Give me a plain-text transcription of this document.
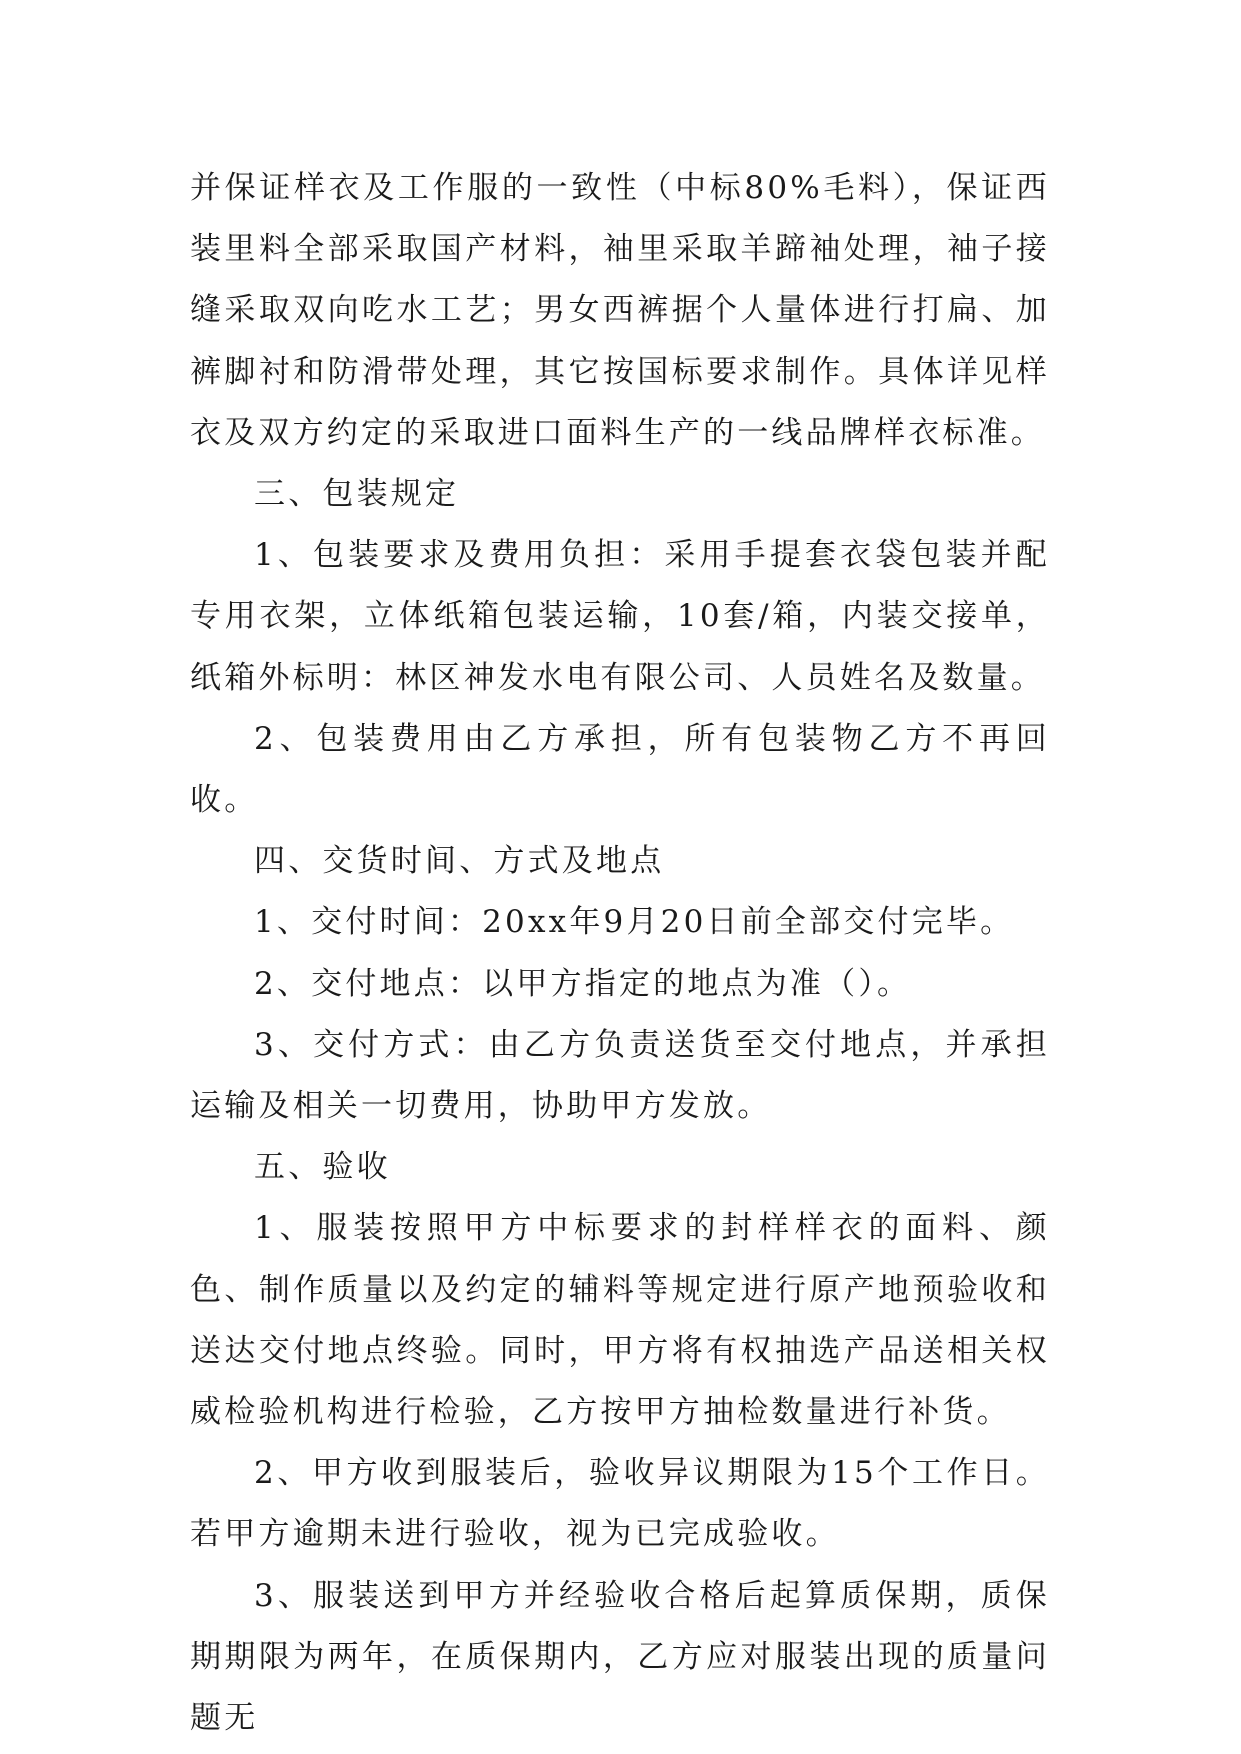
并保证样衣及工作服的一致性（中标80%毛料），保证西装里料全部采取国产材料，袖里采取羊蹄袖处理，袖子接缝采取双向吃水工艺；男女西裤据个人量体进行打扁、加裤脚衬和防滑带处理，其它按国标要求制作。具体详见样衣及双方约定的采取进口面料生产的一线品牌样衣标准。

三、包装规定

1、包装要求及费用负担：采用手提套衣袋包装并配专用衣架，立体纸箱包装运输，10套/箱，内装交接单，纸箱外标明：林区神发水电有限公司、人员姓名及数量。

2、包装费用由乙方承担，所有包装物乙方不再回收。

四、交货时间、方式及地点

1、交付时间：20xx年9月20日前全部交付完毕。

2、交付地点：以甲方指定的地点为准（）。

3、交付方式：由乙方负责送货至交付地点，并承担运输及相关一切费用，协助甲方发放。

五、验收

1、服装按照甲方中标要求的封样样衣的面料、颜色、制作质量以及约定的辅料等规定进行原产地预验收和送达交付地点终验。同时，甲方将有权抽选产品送相关权威检验机构进行检验，乙方按甲方抽检数量进行补货。

2、甲方收到服装后，验收异议期限为15个工作日。若甲方逾期未进行验收，视为已完成验收。

3、服装送到甲方并经验收合格后起算质保期，质保期期限为两年，在质保期内，乙方应对服装出现的质量问题无
